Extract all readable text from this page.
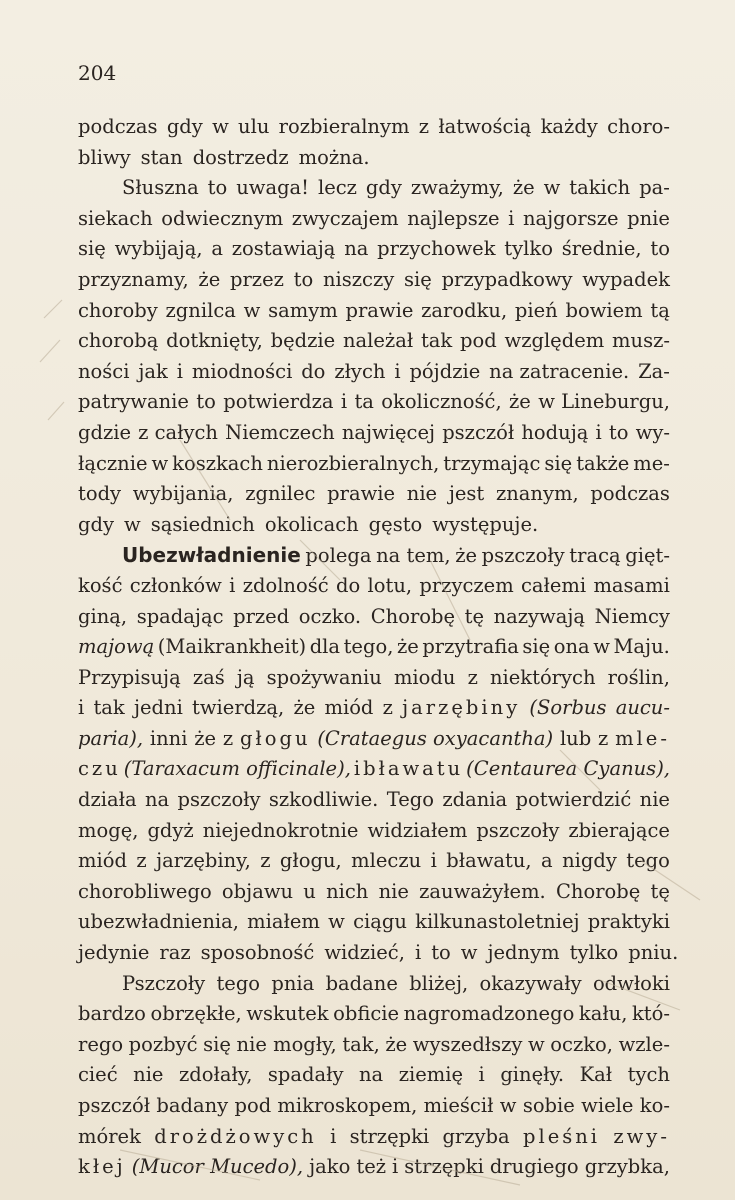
204
podczas gdy w ulu rozbieralnym z łatwością każdy choro-
bliwy stan dostrzedz można.
Słuszna to uwaga! lecz gdy zważymy, że w takich pa-
siekach odwiecznym zwyczajem najlepsze i najgorsze pnie
się wybijają, a zostawiają na przychowek tylko średnie, to
przyznamy, że przez to niszczy się przypadkowy wypadek
choroby zgnilca w samym prawie zarodku, pień bowiem tą
chorobą dotknięty, będzie należał tak pod względem musz-
ności jak i miodności do złych i pójdzie na zatracenie. Za-
patrywanie to potwierdza i ta okoliczność, że w Lineburgu,
gdzie z całych Niemczech najwięcej pszczół hodują i to wy-
łącznie w koszkach nierozbieralnych, trzymając się także me-
tody wybijania, zgnilec prawie nie jest znanym, podczas
gdy w sąsiednich okolicach gęsto występuje.
Ubezwładnienie polega na tem, że pszczoły tracą gięt-
kość członków i zdolność do lotu, przyczem całemi masami
giną, spadając przed oczko. Chorobę tę nazywają Niemcy
majową (Maikrankheit) dla tego, że przytrafia się ona w Maju.
Przypisują zaś ją spożywaniu miodu z niektórych roślin,
i tak jedni twierdzą, że miód z jarzębiny (Sorbus aucu-
paria), inni że z głogu (Crataegus oxyacantha) lub z mle-
czu (Taraxacum officinale), i bławatu (Centaurea Cyanus),
działa na pszczoły szkodliwie. Tego zdania potwierdzić nie
mogę, gdyż niejednokrotnie widziałem pszczoły zbierające
miód z jarzębiny, z głogu, mleczu i bławatu, a nigdy tego
chorobliwego objawu u nich nie zauważyłem. Chorobę tę
ubezwładnienia, miałem w ciągu kilkunastoletniej praktyki
jedynie raz sposobność widzieć, i to w jednym tylko pniu.
Pszczoły tego pnia badane bliżej, okazywały odwłoki
bardzo obrzękłe, wskutek obficie nagromadzonego kału, któ-
rego pozbyć się nie mogły, tak, że wyszedłszy w oczko, wzle-
cieć nie zdołały, spadały na ziemię i ginęły. Kał tych
pszczół badany pod mikroskopem, mieścił w sobie wiele ko-
mórek drożdżowych i strzępki grzyba pleśni zwy-
kłej (Mucor Mucedo), jako też i strzępki drugiego grzybka,
